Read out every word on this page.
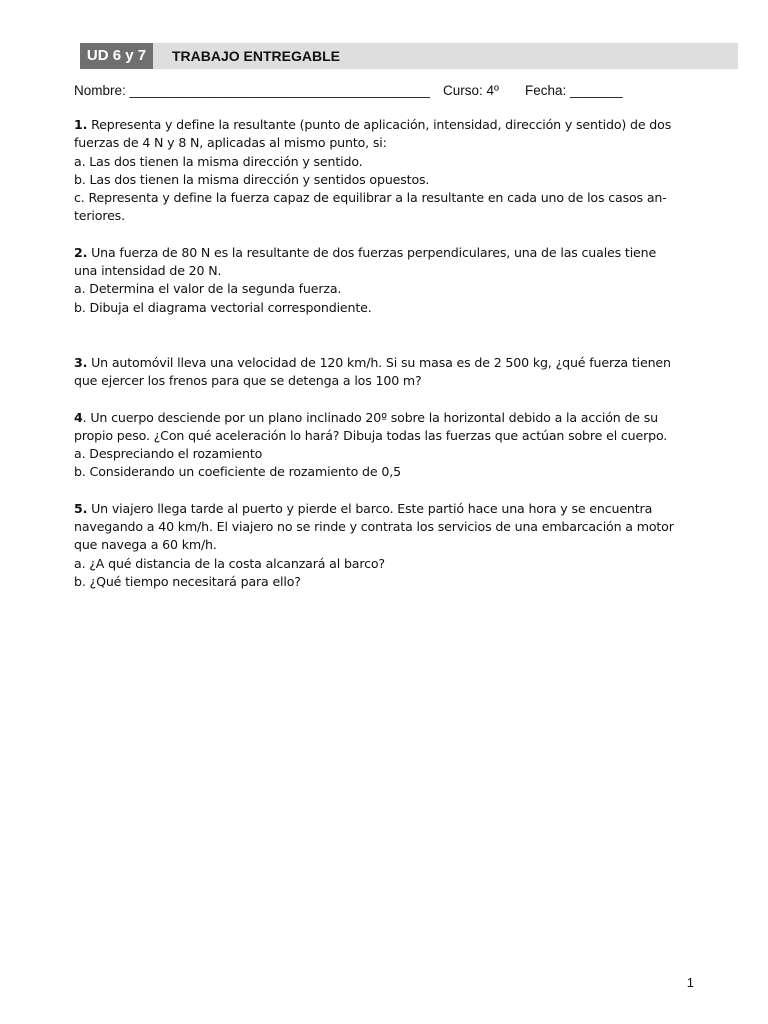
UD 6 y 7	TRABAJO ENTREGABLE
Nombre: ________________________________________ Curso: 4º Fecha: _______

1. Representa y define la resultante (punto de aplicación, intensidad, dirección y sentido) de dos

fuerzas de 4 N y 8 N, aplicadas al mismo punto, si:

a. Las dos tienen la misma dirección y sentido.

b. Las dos tienen la misma dirección y sentidos opuestos.

c. Representa y define la fuerza capaz de equilibrar a la resultante en cada uno de los casos an-

teriores.

2. Una fuerza de 80 N es la resultante de dos fuerzas perpendiculares, una de las cuales tiene

una intensidad de 20 N.

a. Determina el valor de la segunda fuerza.

b. Dibuja el diagrama vectorial correspondiente.

3. Un automóvil lleva una velocidad de 120 km/h. Si su masa es de 2 500 kg, ¿qué fuerza tienen

que ejercer los frenos para que se detenga a los 100 m?

4. Un cuerpo desciende por un plano inclinado 20º sobre la horizontal debido a la acción de su

propio peso. ¿Con qué aceleración lo hará? Dibuja todas las fuerzas que actúan sobre el cuerpo.

a. Despreciando el rozamiento

b. Considerando un coeficiente de rozamiento de 0,5

5. Un viajero llega tarde al puerto y pierde el barco. Este partió hace una hora y se encuentra

navegando a 40 km/h. El viajero no se rinde y contrata los servicios de una embarcación a motor

que navega a 60 km/h.

a. ¿A qué distancia de la costa alcanzará al barco?

b. ¿Qué tiempo necesitará para ello?

1
